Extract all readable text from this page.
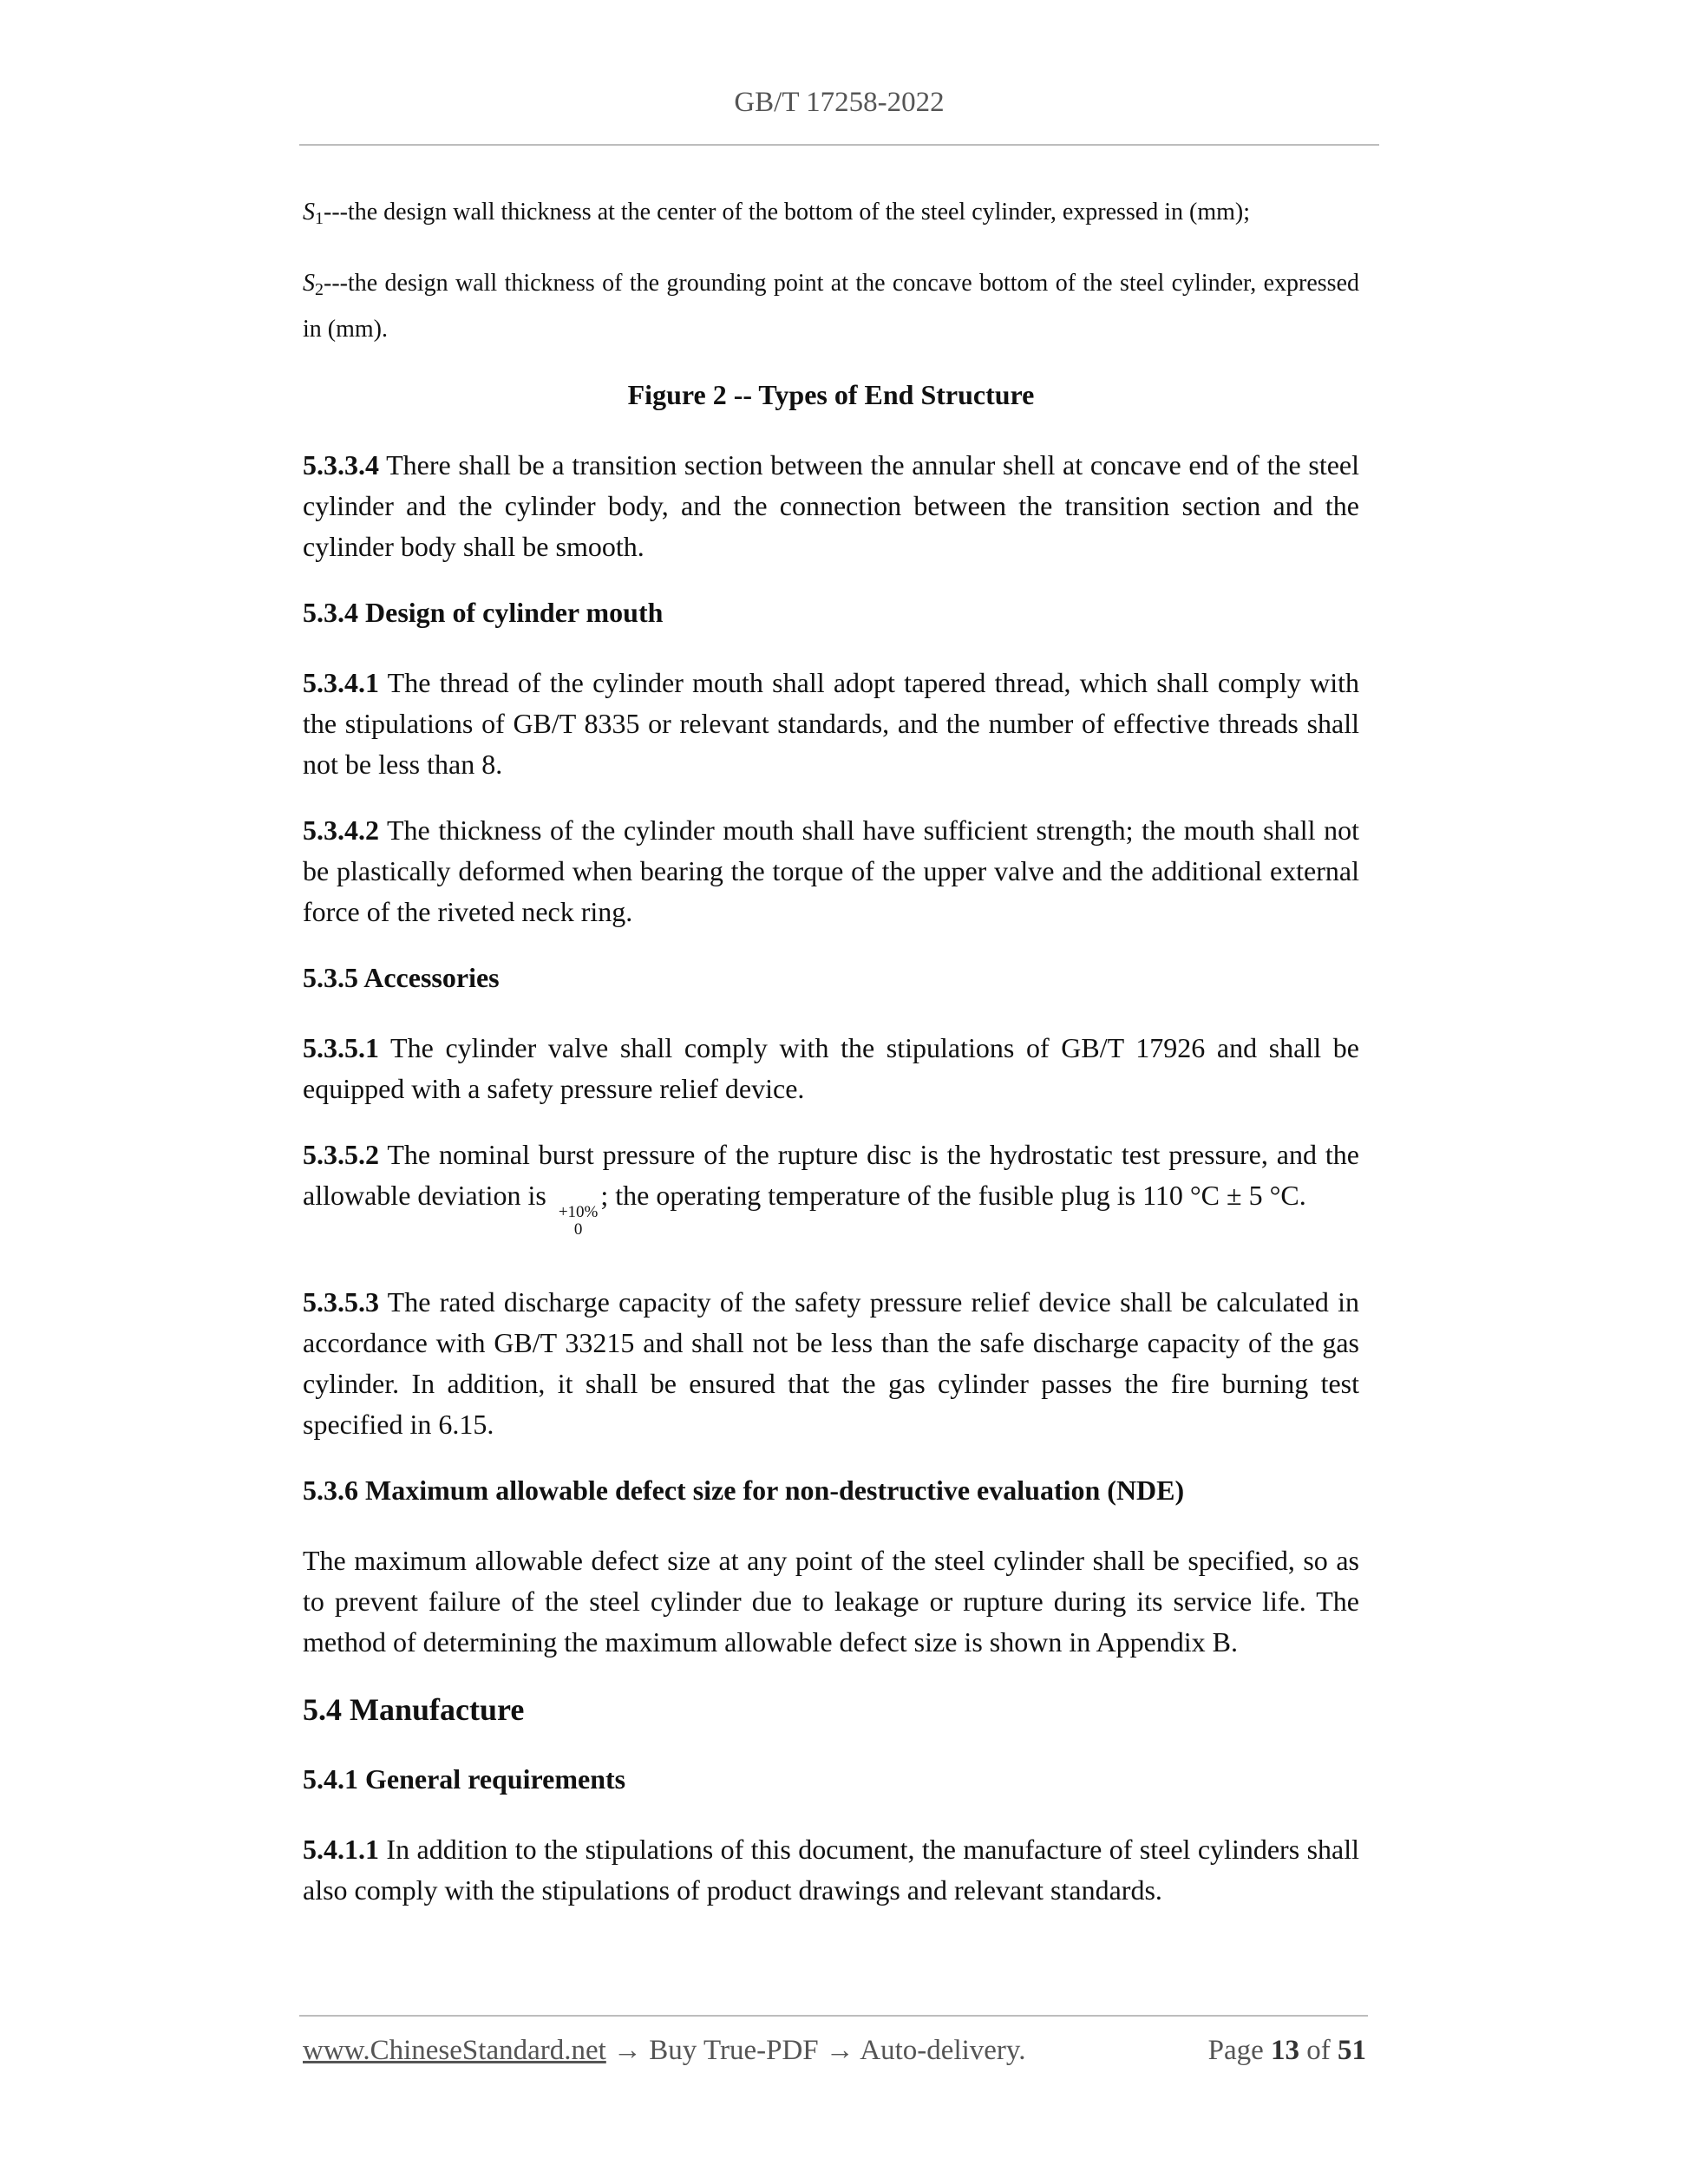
GB/T 17258-2022

$S_1--$-the design wall thickness at the center of the bottom of the steel cylinder, expressed in (mm);

$S_2--$-the design wall thickness of the grounding point at the concave bottom of the steel cylinder, expressed in (mm).

Figure 2 -- Types of End Structure

5.3.3.4 There shall be a transition section between the annular shell at concave end of the steel cylinder and the cylinder body, and the connection between the transition section and the cylinder body shall be smooth.

5.3.4 Design of cylinder mouth

5.3.4.1 The thread of the cylinder mouth shall adopt tapered thread, which shall comply with the stipulations of GB/T 8335 or relevant standards, and the number of effective threads shall not be less than 8.

5.3.4.2 The thickness of the cylinder mouth shall have sufficient strength; the mouth shall not be plastically deformed when bearing the torque of the upper valve and the additional external force of the riveted neck ring.

5.3.5 Accessories

5.3.5.1 The cylinder valve shall comply with the stipulations of GB/T 17926 and shall be equipped with a safety pressure relief device.

5.3.5.2 The nominal burst pressure of the rupture disc is the hydrostatic test pressure, and the allowable deviation is
+10%
0
; the operating temperature of the fusible plug is 110 °C ± 5 °C.

5.3.5.3 The rated discharge capacity of the safety pressure relief device shall be calculated in accordance with GB/T 33215 and shall not be less than the safe discharge capacity of the gas cylinder. In addition, it shall be ensured that the gas cylinder passes the fire burning test specified in 6.15.

5.3.6 Maximum allowable defect size for non-destructive evaluation (NDE)

The maximum allowable defect size at any point of the steel cylinder shall be specified, so as to prevent failure of the steel cylinder due to leakage or rupture during its service life. The method of determining the maximum allowable defect size is shown in Appendix B.

5.4 Manufacture

5.4.1 General requirements

5.4.1.1 In addition to the stipulations of this document, the manufacture of steel cylinders shall also comply with the stipulations of product drawings and relevant standards.

www.ChineseStandard.net → Buy True-PDF → Auto-delivery.	Page 13 of 51
